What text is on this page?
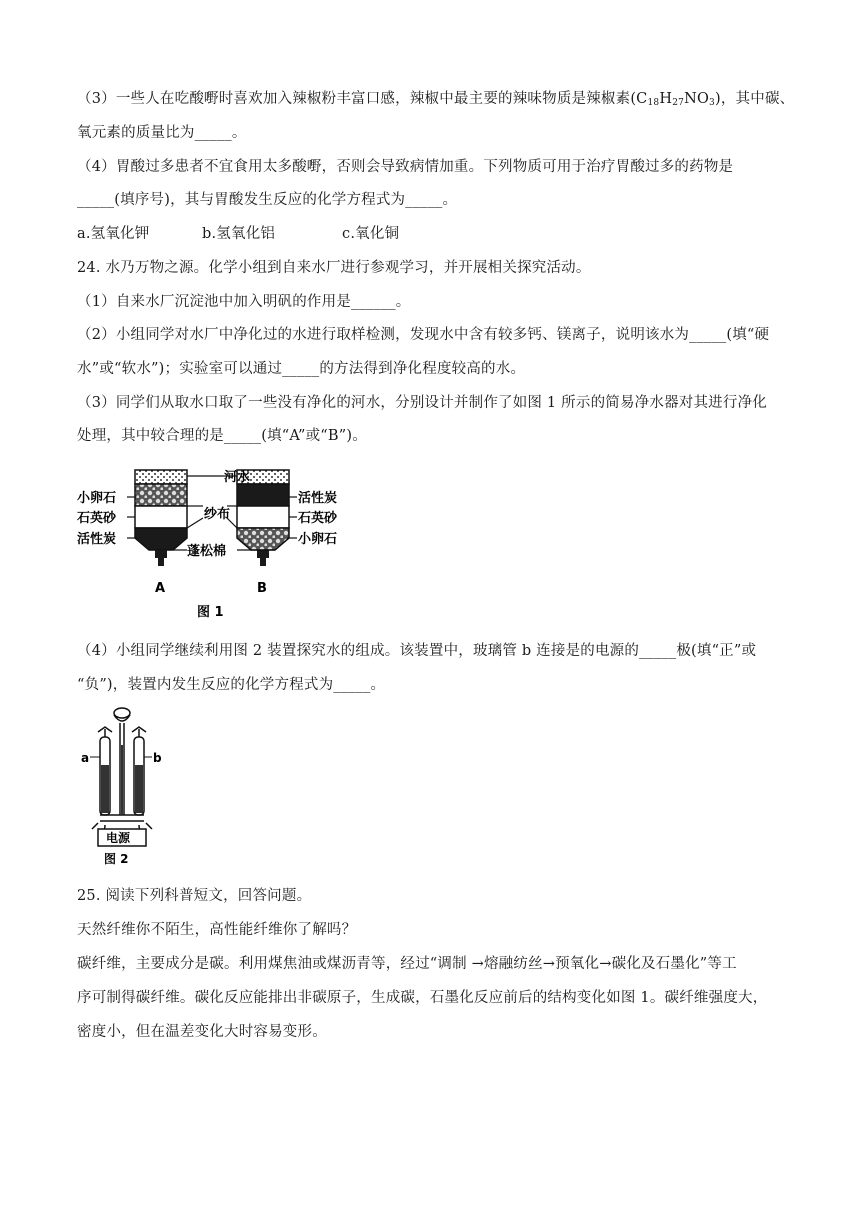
（3）一些人在吃酸嘢时喜欢加入辣椒粉丰富口感，辣椒中最主要的辣味物质是辣椒素$(C_{18}H_{27}NO_3)$，其中碳、
氧元素的质量比为_____。
（4）胃酸过多患者不宜食用太多酸嘢，否则会导致病情加重。下列物质可用于治疗胃酸过多的药物是
_____(填序号)，其与胃酸发生反应的化学方程式为_____。
a.氢氧化钾	b.氢氧化铝	c.氧化铜
24. 水乃万物之源。化学小组到自来水厂进行参观学习，并开展相关探究活动。
（1）自来水厂沉淀池中加入明矾的作用是______。
（2）小组同学对水厂中净化过的水进行取样检测，发现水中含有较多钙、镁离子，说明该水为_____(填“硬
水”或“软水”)；实验室可以通过_____的方法得到净化程度较高的水。
（3）同学们从取水口取了一些没有净化的河水，分别设计并制作了如图 1 所示的简易净水器对其进行净化
处理，其中较合理的是_____(填“A”或“B”)。
河水
纱布
蓬松棉
小卵石
石英砂
活性炭
活性炭
石英砂
小卵石
A	B
图 1
（4）小组同学继续利用图 2 装置探究水的组成。该装置中，玻璃管 b 连接是的电源的_____极(填“正”或
“负”)，装置内发生反应的化学方程式为_____。
a	b
电源
图 2
25. 阅读下列科普短文，回答问题。
天然纤维你不陌生，高性能纤维你了解吗？
碳纤维，主要成分是碳。利用煤焦油或煤沥青等，经过“调制 →熔融纺丝→预氧化→碳化及石墨化”等工
序可制得碳纤维。碳化反应能排出非碳原子，生成碳，石墨化反应前后的结构变化如图 1。碳纤维强度大，
密度小，但在温差变化大时容易变形。
